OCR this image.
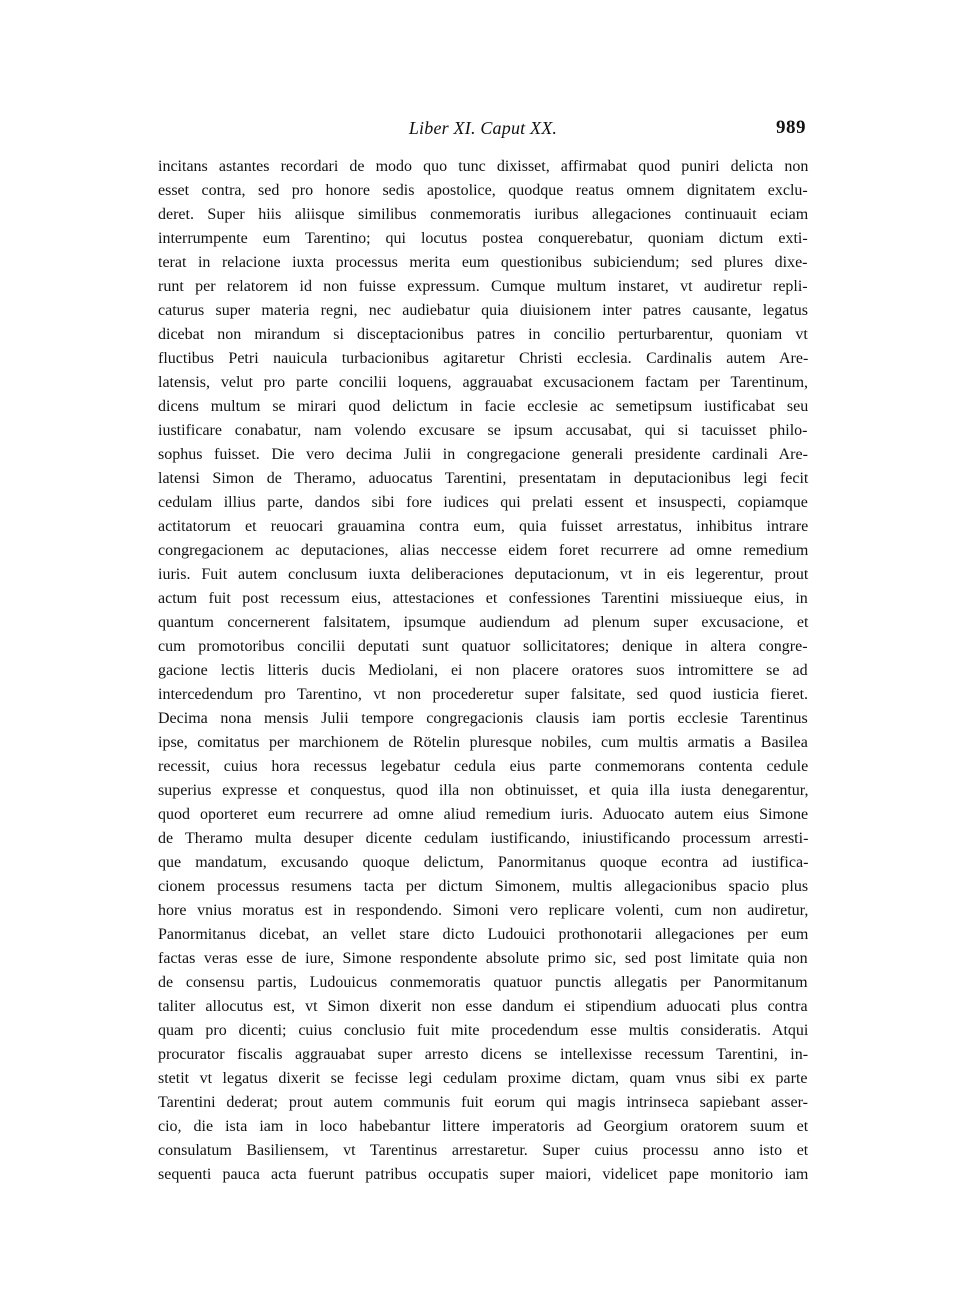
Liber XI. Caput XX.	989
incitans astantes recordari de modo quo tunc dixisset, affirmabat quod puniri delicta non
esset contra, sed pro honore sedis apostolice, quodque reatus omnem dignitatem exclu-
deret. Super hiis aliisque similibus conmemoratis iuribus allegaciones continuauit eciam
interrumpente eum Tarentino; qui locutus postea conquerebatur, quoniam dictum exti-
terat in relacione iuxta processus merita eum questionibus subiciendum; sed plures dixe-
runt per relatorem id non fuisse expressum. Cumque multum instaret, vt audiretur repli-
caturus super materia regni, nec audiebatur quia diuisionem inter patres causante, legatus
dicebat non mirandum si disceptacionibus patres in concilio perturbarentur, quoniam vt
fluctibus Petri nauicula turbacionibus agitaretur Christi ecclesia. Cardinalis autem Are-
latensis, velut pro parte concilii loquens, aggrauabat excusacionem factam per Tarentinum,
dicens multum se mirari quod delictum in facie ecclesie ac semetipsum iustificabat seu
iustificare conabatur, nam volendo excusare se ipsum accusabat, qui si tacuisset philo-
sophus fuisset. Die vero decima Julii in congregacione generali presidente cardinali Are-
latensi Simon de Theramo, aduocatus Tarentini, presentatam in deputacionibus legi fecit
cedulam illius parte, dandos sibi fore iudices qui prelati essent et insuspecti, copiamque
actitatorum et reuocari grauamina contra eum, quia fuisset arrestatus, inhibitus intrare
congregacionem ac deputaciones, alias neccesse eidem foret recurrere ad omne remedium
iuris. Fuit autem conclusum iuxta deliberaciones deputacionum, vt in eis legerentur, prout
actum fuit post recessum eius, attestaciones et confessiones Tarentini missiueque eius, in
quantum concernerent falsitatem, ipsumque audiendum ad plenum super excusacione, et
cum promotoribus concilii deputati sunt quatuor sollicitatores; denique in altera congre-
gacione lectis litteris ducis Mediolani, ei non placere oratores suos intromittere se ad
intercedendum pro Tarentino, vt non procederetur super falsitate, sed quod iusticia fieret.
Decima nona mensis Julii tempore congregacionis clausis iam portis ecclesie Tarentinus
ipse, comitatus per marchionem de Rötelin pluresque nobiles, cum multis armatis a Basilea
recessit, cuius hora recessus legebatur cedula eius parte conmemorans contenta cedule
superius expresse et conquestus, quod illa non obtinuisset, et quia illa iusta denegarentur,
quod oporteret eum recurrere ad omne aliud remedium iuris. Aduocato autem eius Simone
de Theramo multa desuper dicente cedulam iustificando, iniustificando processum arresti-
que mandatum, excusando quoque delictum, Panormitanus quoque econtra ad iustifica-
cionem processus resumens tacta per dictum Simonem, multis allegacionibus spacio plus
hore vnius moratus est in respondendo. Simoni vero replicare volenti, cum non audiretur,
Panormitanus dicebat, an vellet stare dicto Ludouici prothonotarii allegaciones per eum
factas veras esse de iure, Simone respondente absolute primo sic, sed post limitate quia non
de consensu partis, Ludouicus conmemoratis quatuor punctis allegatis per Panormitanum
taliter allocutus est, vt Simon dixerit non esse dandum ei stipendium aduocati plus contra
quam pro dicenti; cuius conclusio fuit mite procedendum esse multis consideratis. Atqui
procurator fiscalis aggrauabat super arresto dicens se intellexisse recessum Tarentini, in-
stetit vt legatus dixerit se fecisse legi cedulam proxime dictam, quam vnus sibi ex parte
Tarentini dederat; prout autem communis fuit eorum qui magis intrinseca sapiebant asser-
cio, die ista iam in loco habebantur littere imperatoris ad Georgium oratorem suum et
consulatum Basiliensem, vt Tarentinus arrestaretur. Super cuius processu anno isto et
sequenti pauca acta fuerunt patribus occupatis super maiori, videlicet pape monitorio iam
